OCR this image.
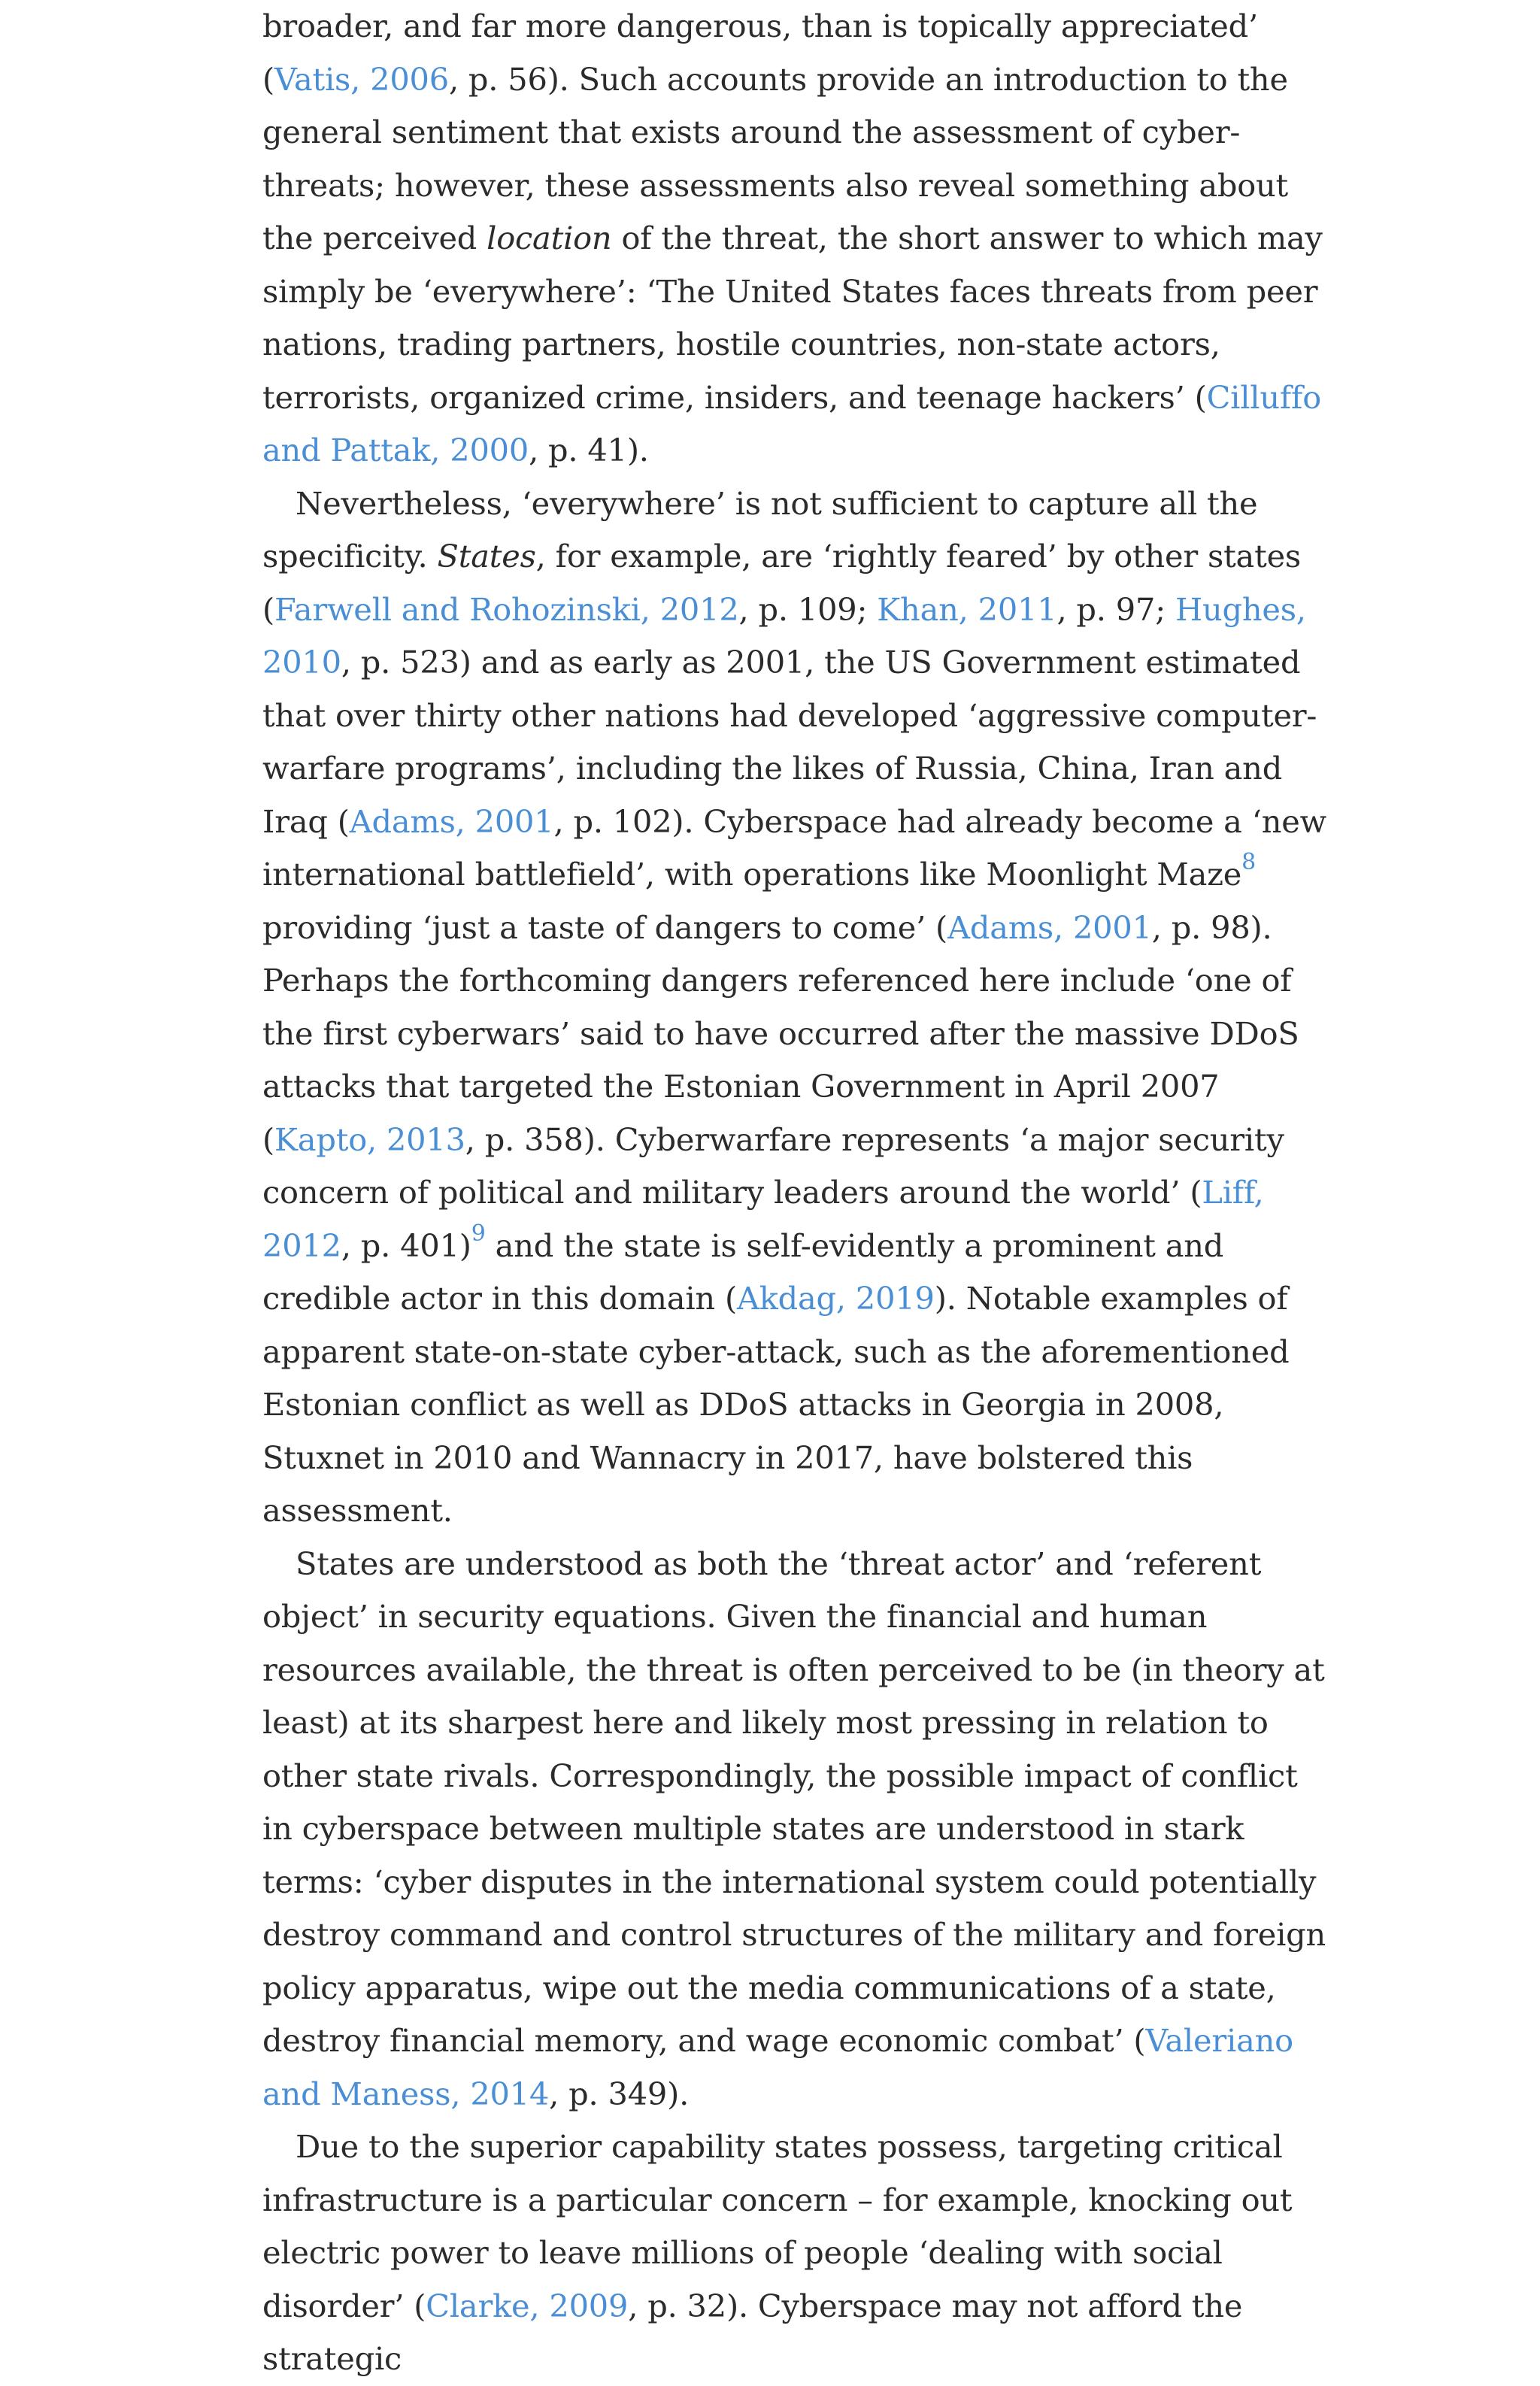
broader, and far more dangerous, than is topically appreciated’ (Vatis, 2006, p. 56). Such accounts provide an introduction to the general sentiment that exists around the assessment of cyber-threats; however, these assessments also reveal something about the perceived location of the threat, the short answer to which may simply be ‘everywhere’: ‘The United States faces threats from peer nations, trading partners, hostile countries, non-state actors, terrorists, organized crime, insiders, and teenage hackers’ (Cilluffo and Pattak, 2000, p. 41).

Nevertheless, ‘everywhere’ is not sufficient to capture all the specificity. States, for example, are ‘rightly feared’ by other states (Farwell and Rohozinski, 2012, p. 109; Khan, 2011, p. 97; Hughes, 2010, p. 523) and as early as 2001, the US Government estimated that over thirty other nations had developed ‘aggressive computer-warfare programs’, including the likes of Russia, China, Iran and Iraq (Adams, 2001, p. 102). Cyberspace had already become a ‘new international battlefield’, with operations like Moonlight Maze$^8$ providing ‘just a taste of dangers to come’ (Adams, 2001, p. 98). Perhaps the forthcoming dangers referenced here include ‘one of the first cyberwars’ said to have occurred after the massive DDoS attacks that targeted the Estonian Government in April 2007 (Kapto, 2013, p. 358). Cyberwarfare represents ‘a major security concern of political and military leaders around the world’ (Liff, 2012, p. 401)$^9$ and the state is self-evidently a prominent and credible actor in this domain (Akdag, 2019). Notable examples of apparent state-on-state cyber-attack, such as the aforementioned Estonian conflict as well as DDoS attacks in Georgia in 2008, Stuxnet in 2010 and Wannacry in 2017, have bolstered this assessment.

States are understood as both the ‘threat actor’ and ‘referent object’ in security equations. Given the financial and human resources available, the threat is often perceived to be (in theory at least) at its sharpest here and likely most pressing in relation to other state rivals. Correspondingly, the possible impact of conflict in cyberspace between multiple states are understood in stark terms: ‘cyber disputes in the international system could potentially destroy command and control structures of the military and foreign policy apparatus, wipe out the media communications of a state, destroy financial memory, and wage economic combat’ (Valeriano and Maness, 2014, p. 349).

Due to the superior capability states possess, targeting critical infrastructure is a particular concern – for example, knocking out electric power to leave millions of people ‘dealing with social disorder’ (Clarke, 2009, p. 32). Cyberspace may not afford the strategic
